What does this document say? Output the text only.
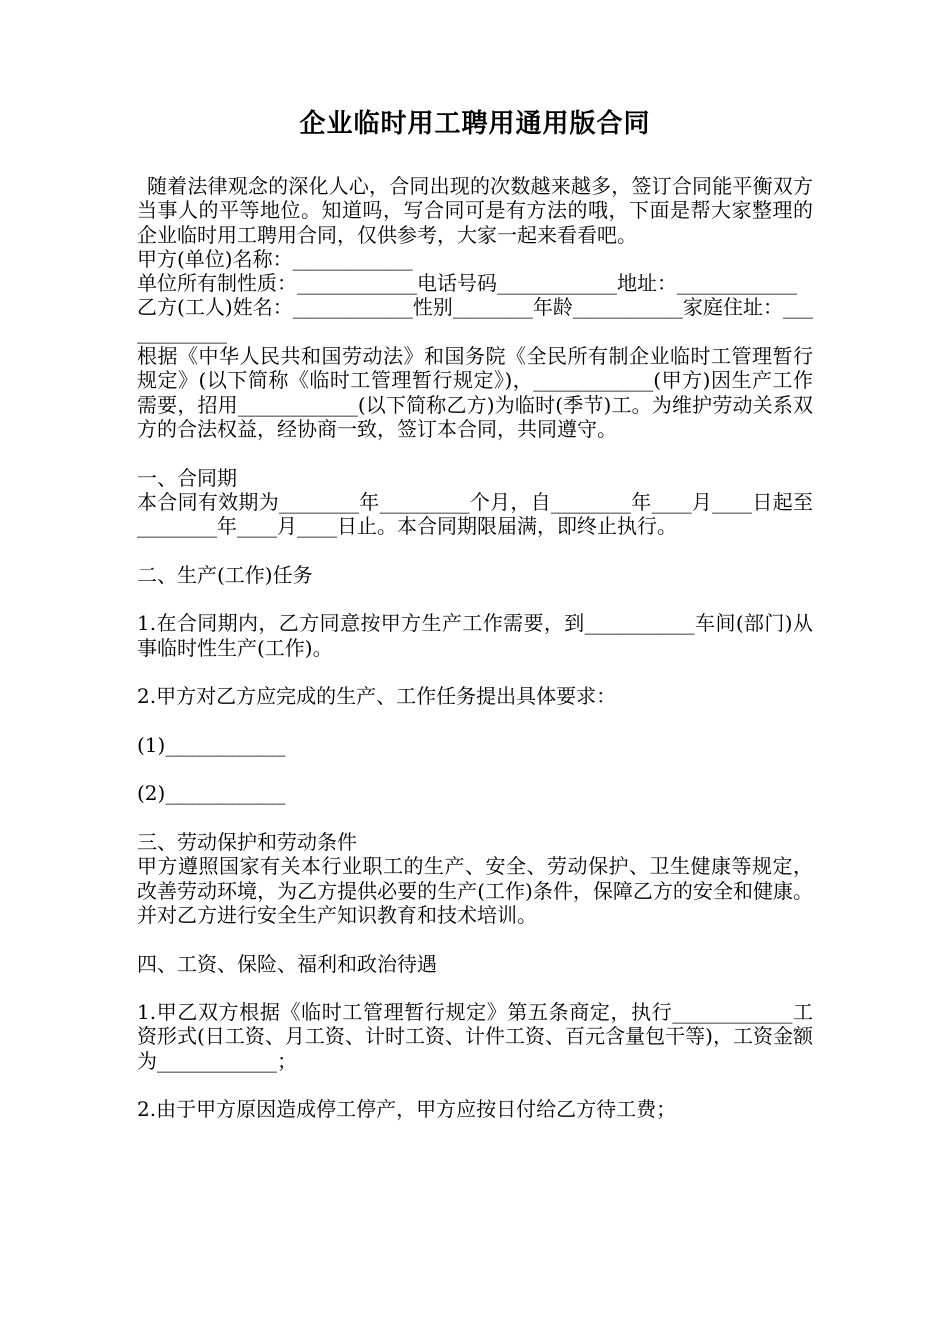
企业临时用工聘用通用版合同

随着法律观念的深化人心，合同出现的次数越来越多，签订合同能平衡双方当事人的平等地位。知道吗，写合同可是有方法的哦，下面是帮大家整理的企业临时用工聘用合同，仅供参考，大家一起来看看吧。

甲方(单位)名称：____________

单位所有制性质：____________电话号码____________地址：____________

乙方(工人)姓名：____________性别________年龄___________家庭住址：____________

根据《中华人民共和国劳动法》和国务院《全民所有制企业临时工管理暂行规定》(以下简称《临时工管理暂行规定》)，____________(甲方)因生产工作需要，招用____________(以下简称乙方)为临时(季节)工。为维护劳动关系双方的合法权益，经协商一致，签订本合同，共同遵守。

一、合同期

本合同有效期为________年_________个月，自________年____月____日起至________年____月____日止。本合同期限届满，即终止执行。

二、生产(工作)任务

1.在合同期内，乙方同意按甲方生产工作需要，到___________车间(部门)从事临时性生产(工作)。

2.甲方对乙方应完成的生产、工作任务提出具体要求：

(1)____________

(2)____________

三、劳动保护和劳动条件

甲方遵照国家有关本行业职工的生产、安全、劳动保护、卫生健康等规定，改善劳动环境，为乙方提供必要的生产(工作)条件，保障乙方的安全和健康。并对乙方进行安全生产知识教育和技术培训。

四、工资、保险、福利和政治待遇

1.甲乙双方根据《临时工管理暂行规定》第五条商定，执行____________工资形式(日工资、月工资、计时工资、计件工资、百元含量包干等)，工资金额为____________；

2.由于甲方原因造成停工停产，甲方应按日付给乙方待工费；
